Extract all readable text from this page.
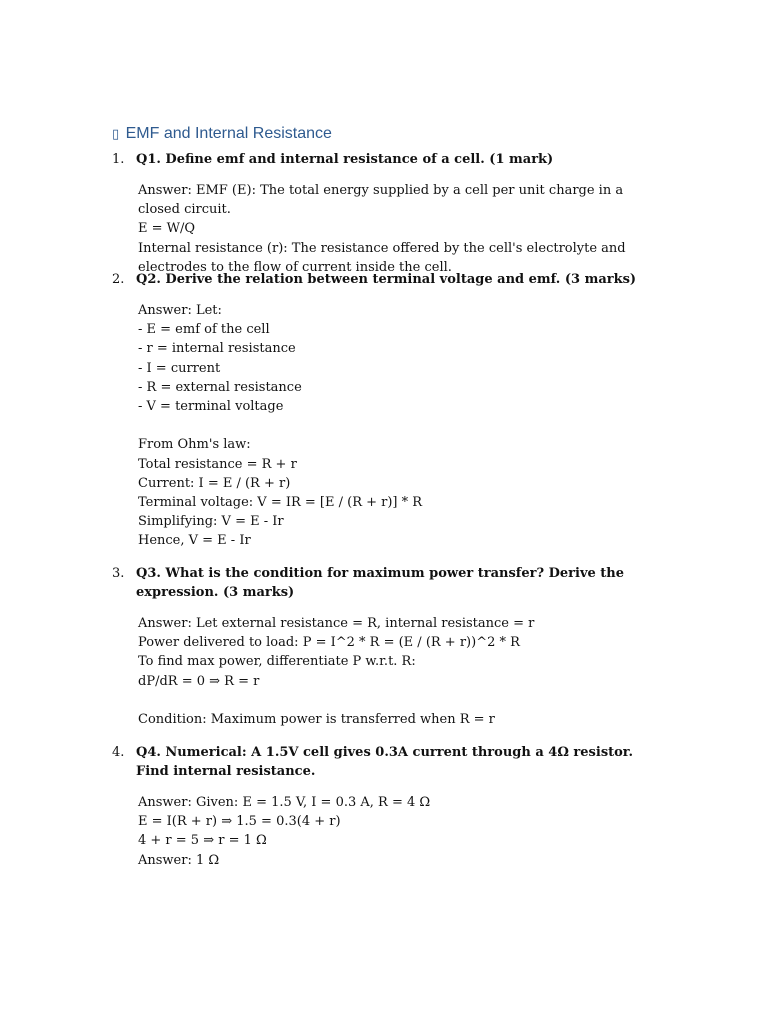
▯ EMF and Internal Resistance
1. Q1. Define emf and internal resistance of a cell. (1 mark)
Answer: EMF (E): The total energy supplied by a cell per unit charge in a closed circuit.
E = W/Q
Internal resistance (r): The resistance offered by the cell's electrolyte and electrodes to the flow of current inside the cell.
2. Q2. Derive the relation between terminal voltage and emf. (3 marks)
Answer: Let:
- E = emf of the cell
- r = internal resistance
- I = current
- R = external resistance
- V = terminal voltage
From Ohm's law:
Total resistance = R + r
Current: I = E / (R + r)
Terminal voltage: V = IR = [E / (R + r)] * R
Simplifying: V = E - Ir
Hence, V = E - Ir
3. Q3. What is the condition for maximum power transfer? Derive the expression. (3 marks)
Answer: Let external resistance = R, internal resistance = r
Power delivered to load: P = I^2 * R = (E / (R + r))^2 * R
To find max power, differentiate P w.r.t. R:
dP/dR = 0 ⇒ R = r
Condition: Maximum power is transferred when R = r
4. Q4. Numerical: A 1.5V cell gives 0.3A current through a 4Ω resistor. Find internal resistance.
Answer: Given: E = 1.5 V, I = 0.3 A, R = 4 Ω
E = I(R + r) ⇒ 1.5 = 0.3(4 + r)
4 + r = 5 ⇒ r = 1 Ω
Answer: 1 Ω
